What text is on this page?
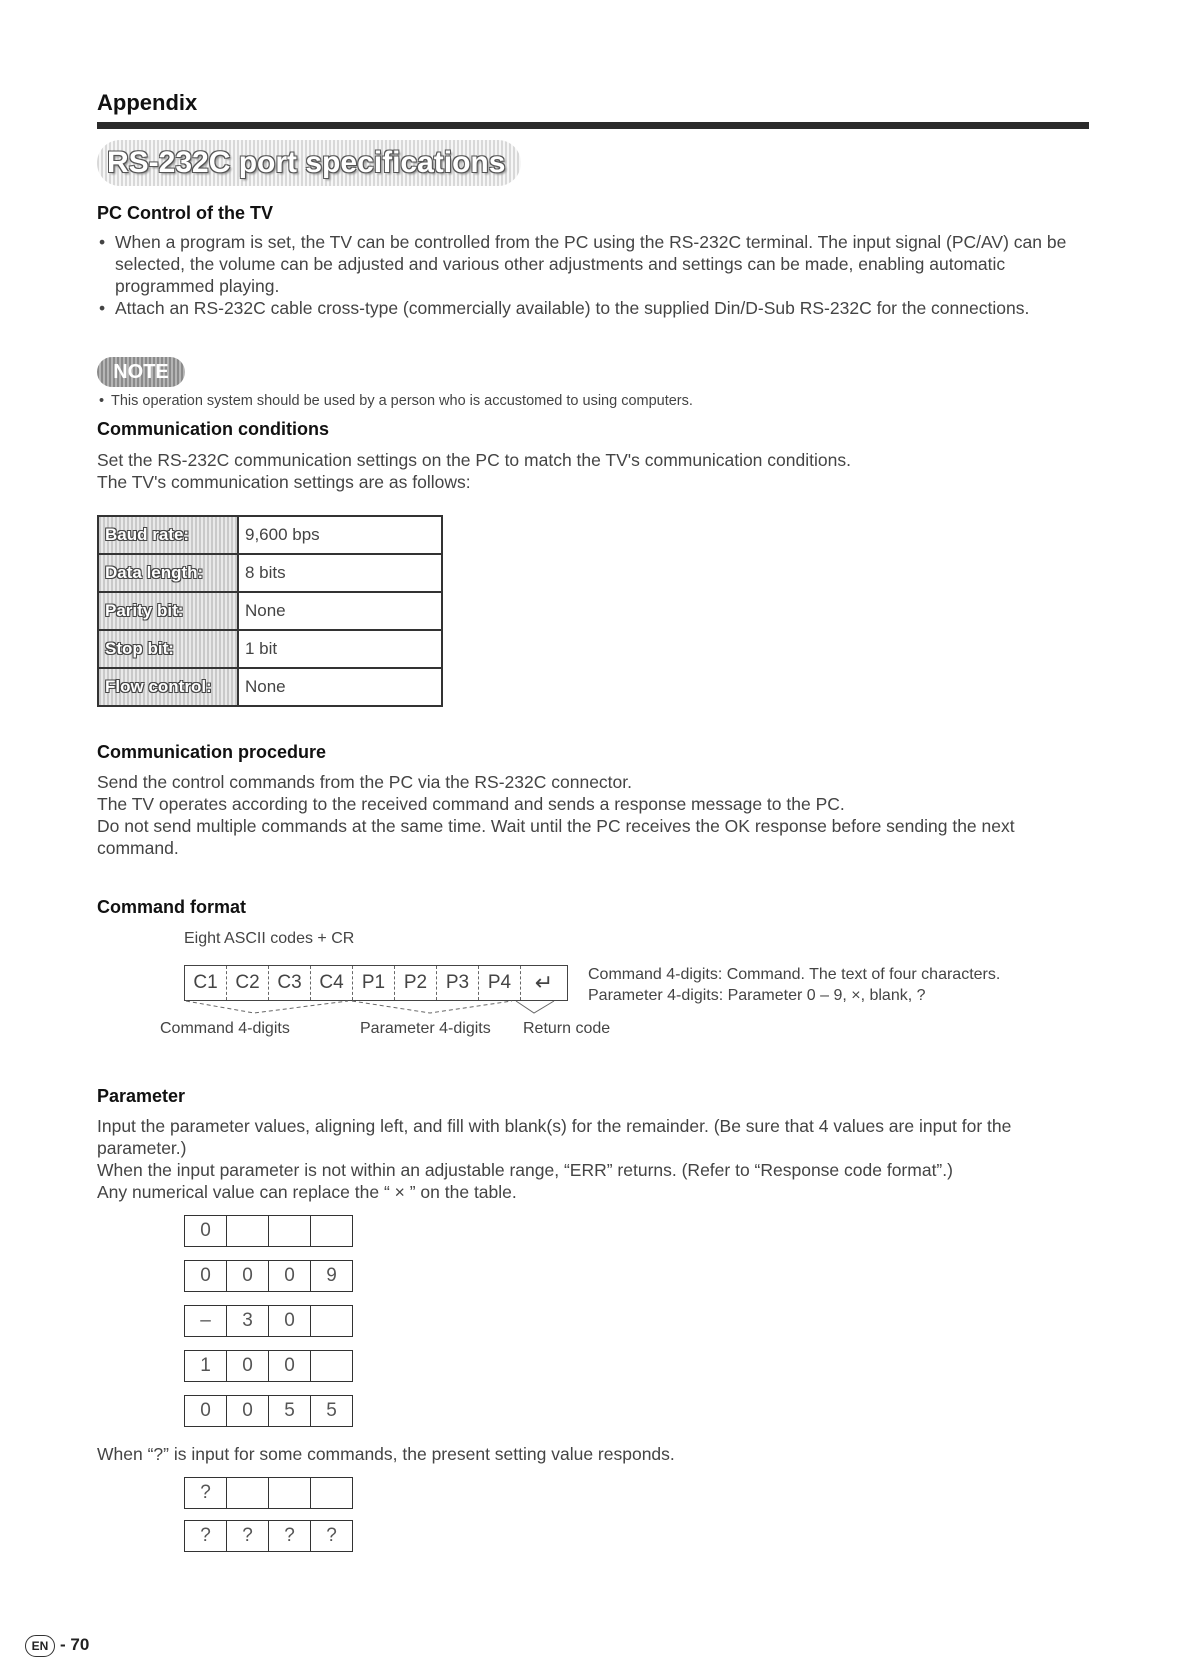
Appendix
RS-232C port specifications
PC Control of the TV
• When a program is set, the TV can be controlled from the PC using the RS-232C terminal. The input signal (PC/AV) can be selected, the volume can be adjusted and various other adjustments and settings can be made, enabling automatic programmed playing.
• Attach an RS-232C cable cross-type (commercially available) to the supplied Din/D-Sub RS-232C for the connections.
NOTE
• This operation system should be used by a person who is accustomed to using computers.
Communication conditions
Set the RS-232C communication settings on the PC to match the TV's communication conditions.
The TV's communication settings are as follows:
Baud rate:	9,600 bps
Data length:	8 bits
Parity bit:	None
Stop bit:	1 bit
Flow control:	None
Communication procedure
Send the control commands from the PC via the RS-232C connector.
The TV operates according to the received command and sends a response message to the PC.
Do not send multiple commands at the same time. Wait until the PC receives the OK response before sending the next command.
Command format
Eight ASCII codes + CR
C1 C2 C3 C4 P1 P2 P3 P4	↵	Command 4-digits: Command. The text of four characters.
Parameter 4-digits: Parameter 0 – 9, ×, blank, ?
Command 4-digits	Parameter 4-digits Return code
Parameter
Input the parameter values, aligning left, and fill with blank(s) for the remainder. (Be sure that 4 values are input for the parameter.)
When the input parameter is not within an adjustable range, “ERR” returns. (Refer to “Response code format”.)
Any numerical value can replace the “ × ” on the table.
0
0	0	0	9
–	3	0
1	0	0
0	0	5	5
When “?” is input for some commands, the present setting value responds.
?
?	?	?	?
EN - 70
